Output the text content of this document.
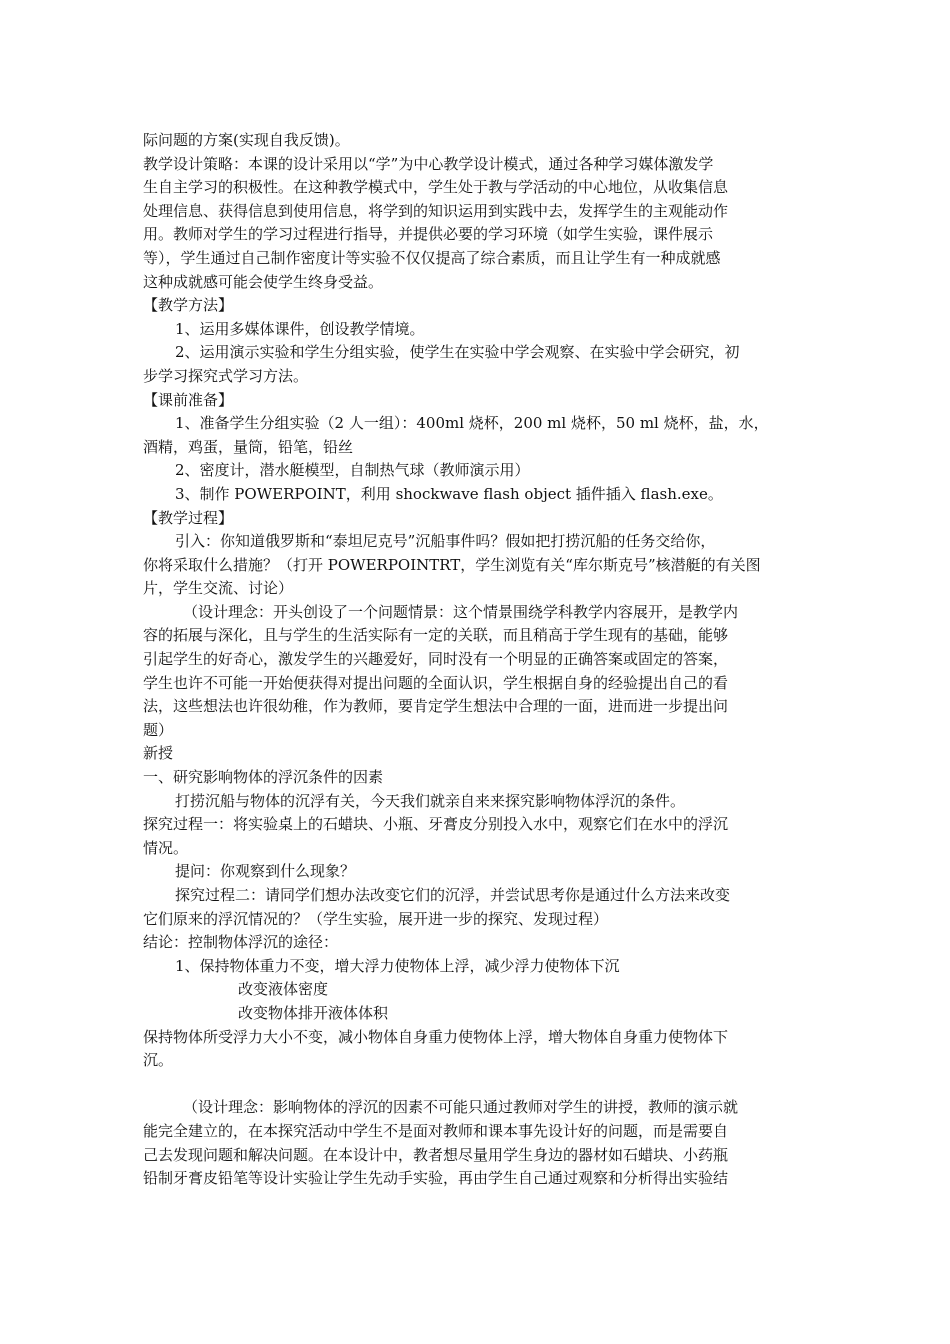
际问题的方案(实现自我反馈)。
教学设计策略：本课的设计采用以“学”为中心教学设计模式，通过各种学习媒体激发学
生自主学习的积极性。在这种教学模式中，学生处于教与学活动的中心地位，从收集信息
处理信息、获得信息到使用信息，将学到的知识运用到实践中去，发挥学生的主观能动作
用。教师对学生的学习过程进行指导，并提供必要的学习环境（如学生实验，课件展示
等），学生通过自己制作密度计等实验不仅仅提高了综合素质，而且让学生有一种成就感
这种成就感可能会使学生终身受益。
【教学方法】
1、运用多媒体课件，创设教学情境。
2、运用演示实验和学生分组实验，使学生在实验中学会观察、在实验中学会研究，初
步学习探究式学习方法。
【课前准备】
1、准备学生分组实验（2 人一组）：400ml 烧杯，200 ml 烧杯，50 ml 烧杯，盐，水，
酒精，鸡蛋，量筒，铅笔，铅丝
2、密度计，潜水艇模型，自制热气球（教师演示用）
3、制作 POWERPOINT，利用 shockwave flash object 插件插入 flash.exe。
【教学过程】
引入：你知道俄罗斯和“泰坦尼克号”沉船事件吗？假如把打捞沉船的任务交给你，
你将采取什么措施？（打开 POWERPOINTRT，学生浏览有关“库尔斯克号”核潜艇的有关图
片，学生交流、讨论）
（设计理念：开头创设了一个问题情景：这个情景围绕学科教学内容展开，是教学内
容的拓展与深化，且与学生的生活实际有一定的关联，而且稍高于学生现有的基础，能够
引起学生的好奇心，激发学生的兴趣爱好，同时没有一个明显的正确答案或固定的答案，
学生也许不可能一开始便获得对提出问题的全面认识，学生根据自身的经验提出自己的看
法，这些想法也许很幼稚，作为教师，要肯定学生想法中合理的一面，进而进一步提出问
题）
新授
一、研究影响物体的浮沉条件的因素
打捞沉船与物体的沉浮有关，今天我们就亲自来来探究影响物体浮沉的条件。
探究过程一：将实验桌上的石蜡块、小瓶、牙膏皮分别投入水中，观察它们在水中的浮沉
情况。
提问：你观察到什么现象？
探究过程二：请同学们想办法改变它们的沉浮，并尝试思考你是通过什么方法来改变
它们原来的浮沉情况的？（学生实验，展开进一步的探究、发现过程）
结论：控制物体浮沉的途径：
1、保持物体重力不变，增大浮力使物体上浮，减少浮力使物体下沉
改变液体密度
改变物体排开液体体积
保持物体所受浮力大小不变，减小物体自身重力使物体上浮，增大物体自身重力使物体下
沉。
（设计理念：影响物体的浮沉的因素不可能只通过教师对学生的讲授，教师的演示就
能完全建立的，在本探究活动中学生不是面对教师和课本事先设计好的问题，而是需要自
己去发现问题和解决问题。在本设计中，教者想尽量用学生身边的器材如石蜡块、小药瓶
铅制牙膏皮铅笔等设计实验让学生先动手实验，再由学生自己通过观察和分析得出实验结
